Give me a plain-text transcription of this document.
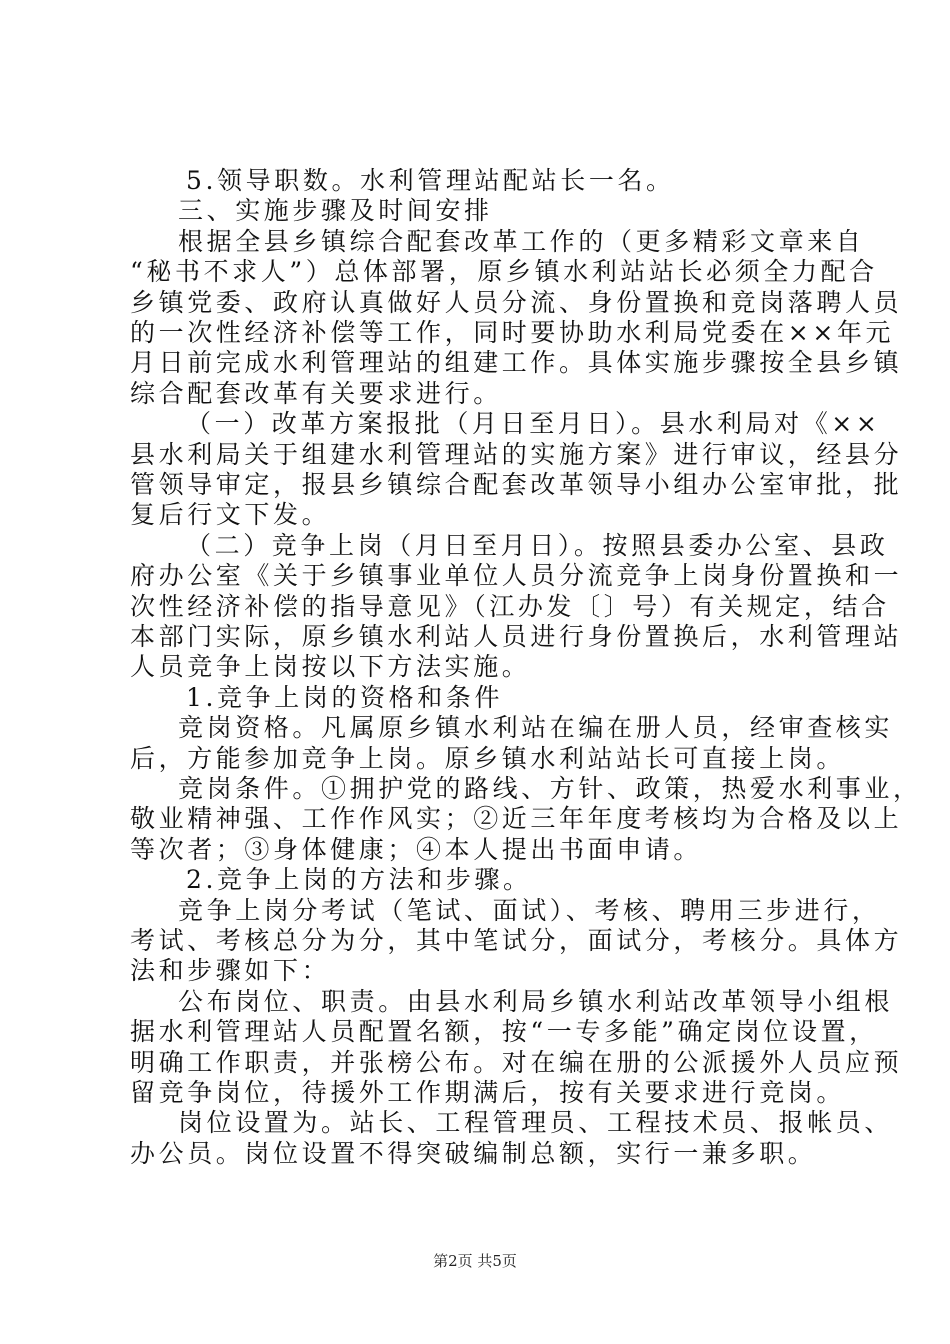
5.领导职数。水利管理站配站长一名。
三、实施步骤及时间安排
根据全县乡镇综合配套改革工作的（更多精彩文章来自
“秘书不求人”）总体部署，原乡镇水利站站长必须全力配合
乡镇党委、政府认真做好人员分流、身份置换和竞岗落聘人员
的一次性经济补偿等工作，同时要协助水利局党委在××年元
月日前完成水利管理站的组建工作。具体实施步骤按全县乡镇
综合配套改革有关要求进行。
（一）改革方案报批（月日至月日）。县水利局对《××
县水利局关于组建水利管理站的实施方案》进行审议，经县分
管领导审定，报县乡镇综合配套改革领导小组办公室审批，批
复后行文下发。
（二）竞争上岗（月日至月日）。按照县委办公室、县政
府办公室《关于乡镇事业单位人员分流竞争上岗身份置换和一
次性经济补偿的指导意见》（江办发〔〕号）有关规定，结合
本部门实际，原乡镇水利站人员进行身份置换后，水利管理站
人员竞争上岗按以下方法实施。
1.竞争上岗的资格和条件
竞岗资格。凡属原乡镇水利站在编在册人员，经审查核实
后，方能参加竞争上岗。原乡镇水利站站长可直接上岗。
竞岗条件。①拥护党的路线、方针、政策，热爱水利事业，
敬业精神强、工作作风实；②近三年年度考核均为合格及以上
等次者；③身体健康；④本人提出书面申请。
2.竞争上岗的方法和步骤。
竞争上岗分考试（笔试、面试）、考核、聘用三步进行，
考试、考核总分为分，其中笔试分，面试分，考核分。具体方
法和步骤如下：
公布岗位、职责。由县水利局乡镇水利站改革领导小组根
据水利管理站人员配置名额，按“一专多能”确定岗位设置，
明确工作职责，并张榜公布。对在编在册的公派援外人员应预
留竞争岗位，待援外工作期满后，按有关要求进行竞岗。
岗位设置为。站长、工程管理员、工程技术员、报帐员、
办公员。岗位设置不得突破编制总额，实行一兼多职。
第2页 共5页
